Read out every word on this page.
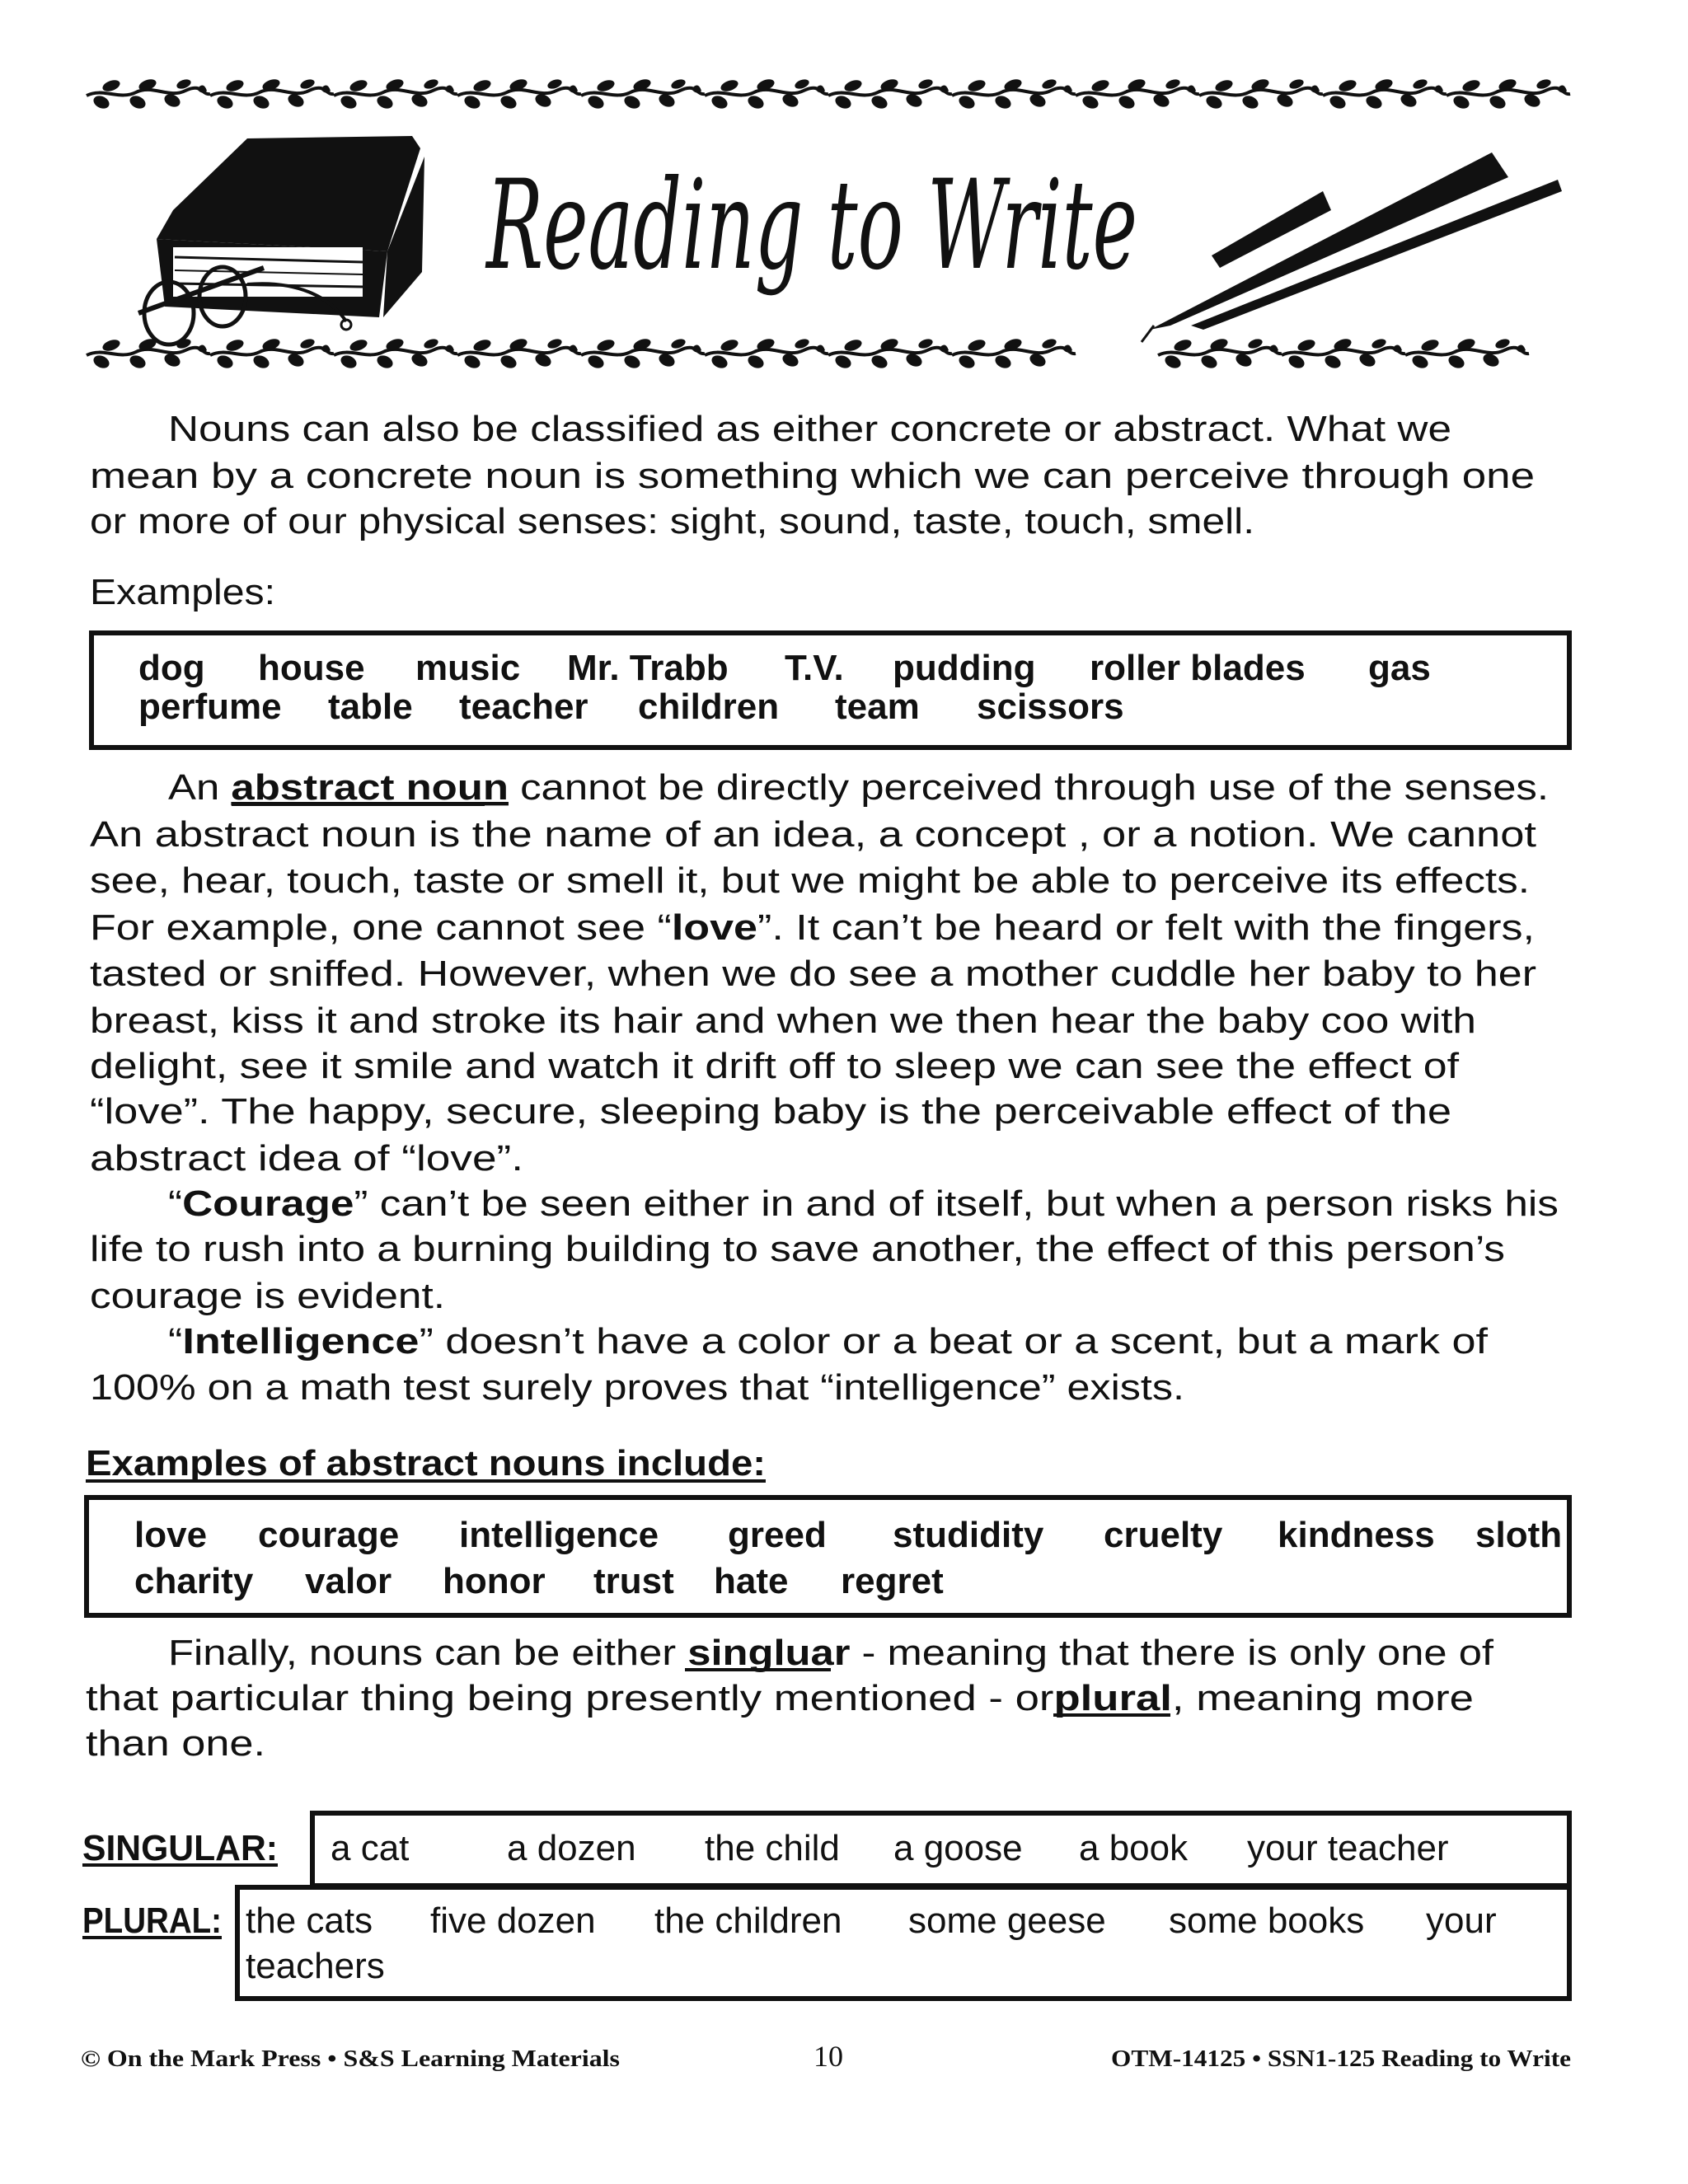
Reading to Write
Nouns can also be classified as either concrete or abstract. What we
mean by a concrete noun is something which we can perceive through one
or more of our physical senses: sight, sound, taste, touch, smell.
Examples:
dog house music Mr. Trabb T.V. pudding roller blades gas
perfume table teacher children team scissors
An abstract noun cannot be directly perceived through use of the senses.
An abstract noun is the name of an idea, a concept , or a notion. We cannot
see, hear, touch, taste or smell it, but we might be able to perceive its effects.
For example, one cannot see “ love ”. It can’t be heard or felt with the fingers,
tasted or sniffed. However, when we do see a mother cuddle her baby to her
breast, kiss it and stroke its hair and when we then hear the baby coo with
delight, see it smile and watch it drift off to sleep we can see the effect of
“love”. The happy, secure, sleeping baby is the perceivable effect of the
abstract idea of “love”.
“Courage ” can’t be seen either in and of itself, but when a person risks his
life to rush into a burning building to save another, the effect of this person’s
courage is evident.
“Intelligence ” doesn’t have a color or a beat or a scent, but a mark of
100% on a math test surely proves that “intelligence” exists.
Examples of abstract nouns include:
love courage intelligence greed studidity cruelty kindness sloth
charity valor honor trust hate regret
Finally, nouns can be either singluar - meaning that there is only one of
that particular thing being presently mentioned - or	plural , meaning more
than one.
SINGULAR: a cat	a dozen the child a goose a book your teacher
PLURAL: the cats five dozen the children some geese some books your
teachers
© On the Mark Press • S&S Learning Materials	10	OTM-14125 • SSN1-125 Reading to Write
